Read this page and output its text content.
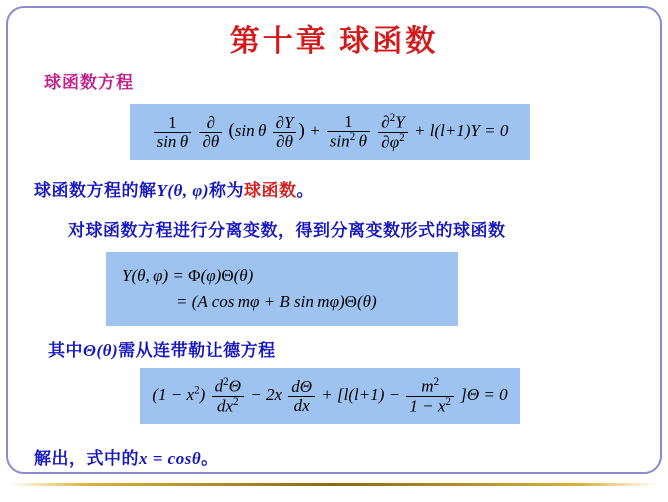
第十章 球函数
球函数方程
$\frac{1}{\text{sin θ}}$
$\frac{\partial}{\partial\theta} (\sin$ θ $\frac{\partial Y}{\partial\theta}$ ) + $\frac{1}{\sin^2 \theta}$
$\frac{\partial^2Y}{\partial\varphi^2} + l(l+1)Y = 0$
球函数方程的解Y(θ, φ)称为球函数。
对球函数方程进行分离变数，得到分离变数形式的球函数
Y(θ, φ) = Φ(φ)Θ(θ)
= (A cos mφ + B sin mφ)Θ(θ)
其中Θ(θ)需从连带勒让德方程
$(1 - x^2) \frac{d^2\Theta}{dx^2} - 2x \frac{d\Theta}{dx} + [l(l+1) - \frac{m^2}{1 - x^2} ]\Theta = 0$
解出，式中的x = cosθ。
